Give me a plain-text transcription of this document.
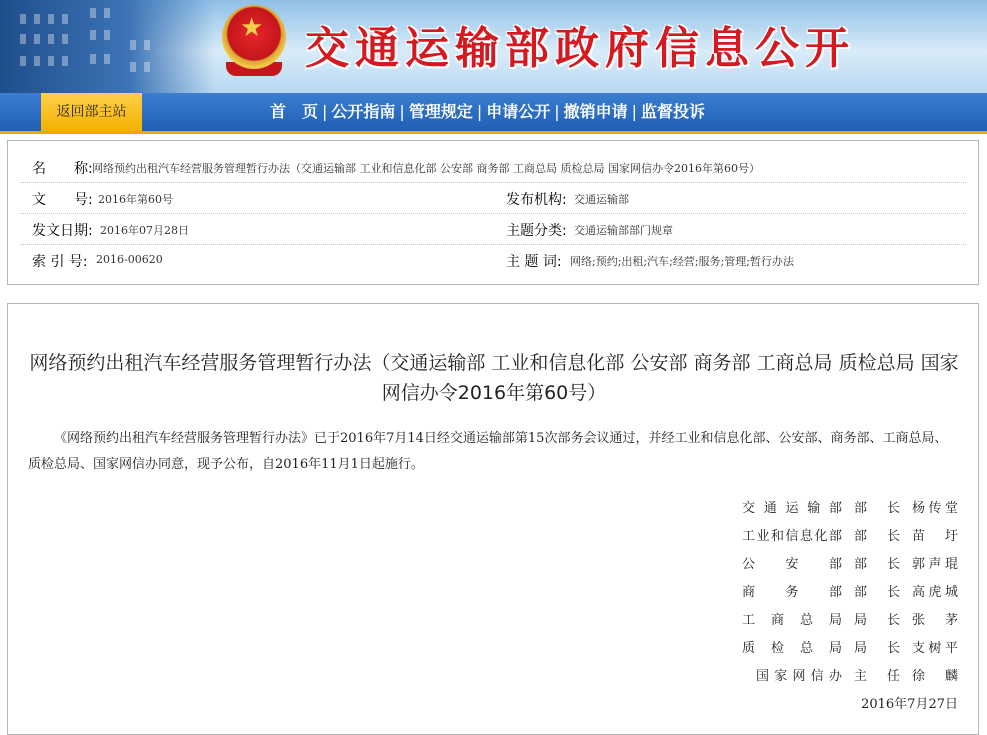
★ 交通运输部政府信息公开
返回部主站	首　页 | 公开指南 | 管理规定 | 申请公开 | 撤销申请 | 监督投诉
名　　称: 网络预约出租汽车经营服务管理暂行办法（交通运输部 工业和信息化部 公安部 商务部 工商总局 质检总局 国家网信办令2016年第60号）
文　　号: 2016年第60号	发布机构: 交通运输部
发文日期: 2016年07月28日	主题分类: 交通运输部部门规章
索 引 号: 2016-00620	主 题 词: 网络;预约;出租;汽车;经营;服务;管理;暂行办法
网络预约出租汽车经营服务管理暂行办法（交通运输部 工业和信息化部 公安部 商务部 工商总局 质检总局 国家网信办令2016年第60号）
《网络预约出租汽车经营服务管理暂行办法》已于2016年7月14日经交通运输部第15次部务会议通过，并经工业和信息化部、公安部、商务部、工商总局、质检总局、国家网信办同意，现予公布，自2016年11月1日起施行。
交通运输部 部长 杨传堂
工业和信息化部 部长 苗圩
公安部 部长 郭声琨
商务部 部长 高虎城
工商总局 局长 张茅
质检总局 局长 支树平
国家网信办 主任 徐麟
2016年7月27日
